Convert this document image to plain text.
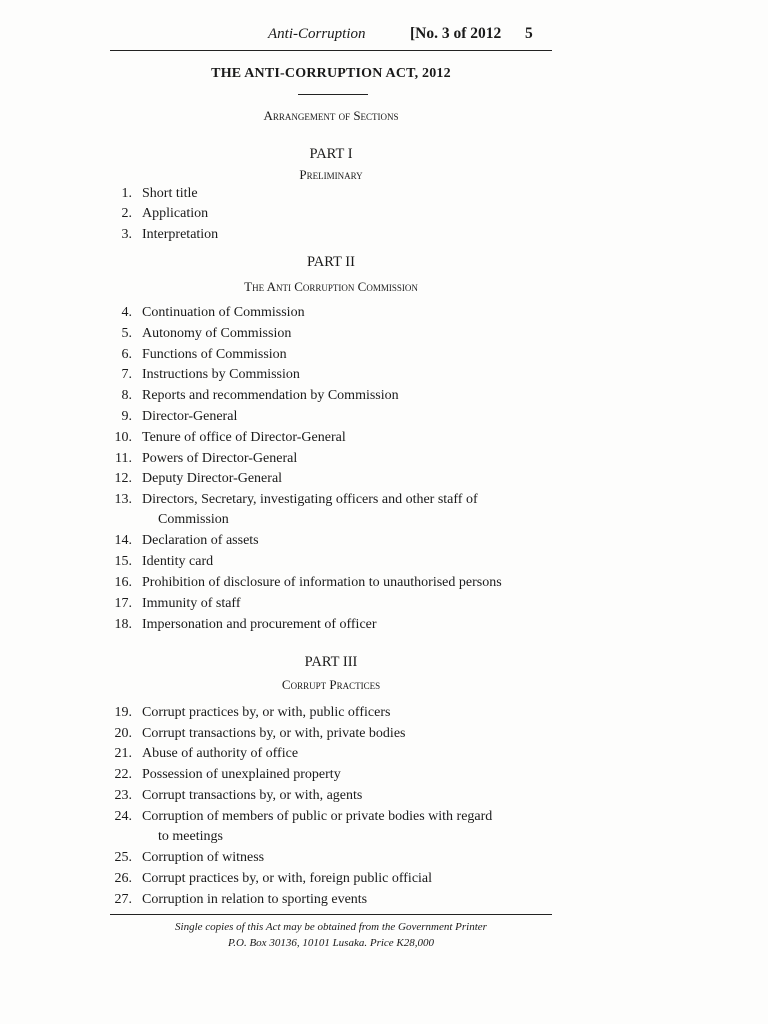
Anti-Corruption	[No. 3 of 2012 5
THE ANTI-CORRUPTION ACT, 2012
Arrangement of Sections
PART I
Preliminary
1. Short title
2. Application
3. Interpretation
PART II
The Anti Corruption Commission
4. Continuation of Commission
5. Autonomy of Commission
6. Functions of Commission
7. Instructions by Commission
8. Reports and recommendation by Commission
9. Director-General
10. Tenure of office of Director-General
11. Powers of Director-General
12. Deputy Director-General
13. Directors, Secretary, investigating officers and other staff of
Commission
14. Declaration of assets
15. Identity card
16. Prohibition of disclosure of information to unauthorised persons
17. Immunity of staff
18. Impersonation and procurement of officer
PART III
Corrupt Practices
19. Corrupt practices by, or with, public officers
20. Corrupt transactions by, or with, private bodies
21. Abuse of authority of office
22. Possession of unexplained property
23. Corrupt transactions by, or with, agents
24. Corruption of members of public or private bodies with regard
to meetings
25. Corruption of witness
26. Corrupt practices by, or with, foreign public official
27. Corruption in relation to sporting events
Single copies of this Act may be obtained from the Government Printer
P.O. Box 30136, 10101 Lusaka. Price K28,000
